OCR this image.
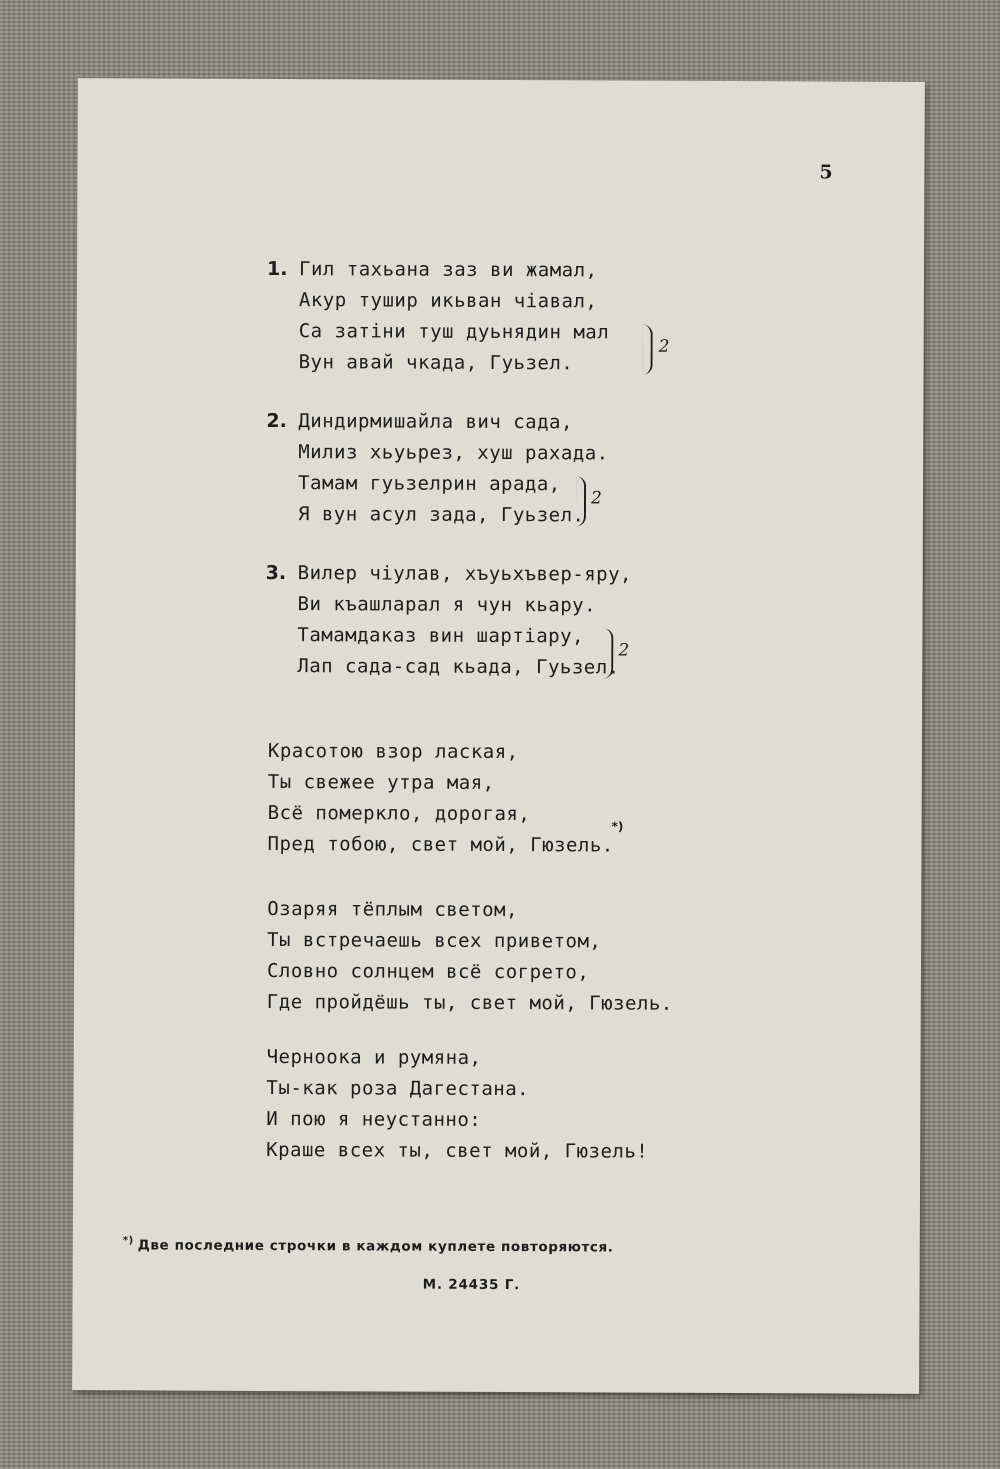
5
1. Гил тахьана заз ви жамал,
Акур тушир икьван чіавал,
Са затіни туш дуьнядин мал
Вун авай чкада, Гуьзел.
2
2. Диндирмишайла вич сада,
Милиз хьуьрез, хуш рахада.
Тамам гуьзелрин арада,
Я вун асул зада, Гуьзел.
2
3. Вилер чіулав, хъуьхъвер-яру,
Ви къашларал я чун кьару.
Тамамдаказ вин шартіару,
Лап сада-сад кьада, Гуьзел.
2
Красотою взор лаская,
Ты свежее утра мая,
Всё померкло, дорогая,
Пред тобою, свет мой, Гюзель.
*)
Озаряя тёплым светом,
Ты встречаешь всех приветом,
Словно солнцем всё согрето,
Где пройдёшь ты, свет мой, Гюзель.
Черноока и румяна,
Ты-как роза Дагестана.
И пою я неустанно:
Краше всех ты, свет мой, Гюзель!
*) Две последние строчки в каждом куплете повторяются.
М. 24435 Г.
